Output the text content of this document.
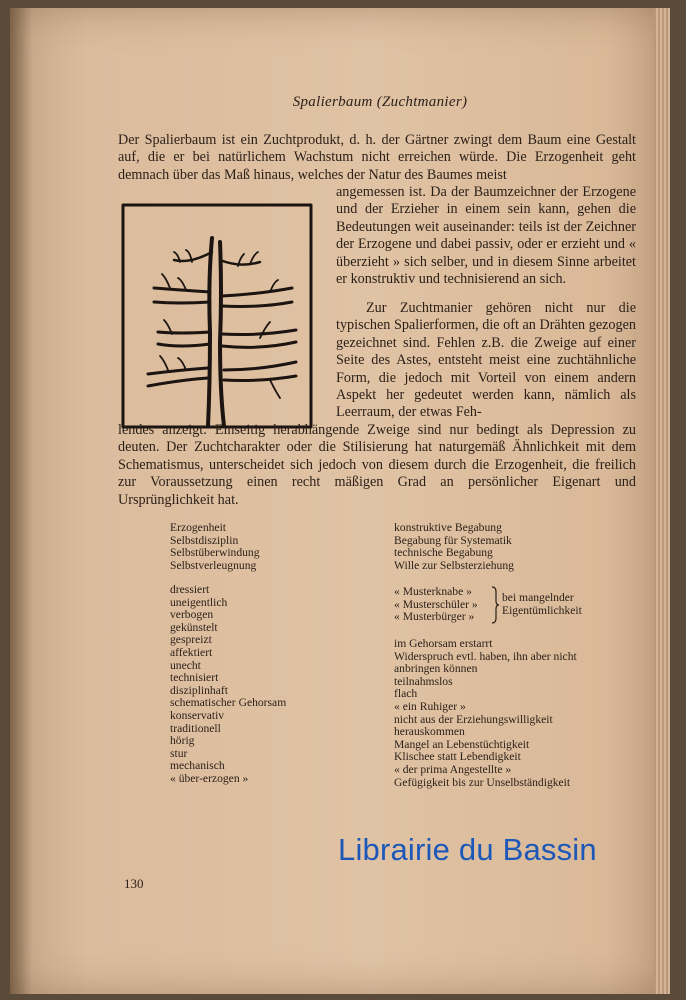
Spalierbaum (Zuchtmanier)
Der Spalierbaum ist ein Zuchtprodukt, d. h. der Gärtner zwingt dem Baum eine Gestalt auf, die er bei natürlichem Wachstum nicht erreichen würde. Die Erzogenheit geht demnach über das Maß hinaus, welches der Natur des Baumes meist
angemessen ist. Da der Baumzeichner der Erzogene und der Erzieher in einem sein kann, gehen die Bedeutungen weit auseinander: teils ist der Zeichner der Erzogene und dabei passiv, oder er erzieht und « überzieht » sich selber, und in diesem Sinne arbeitet er konstruktiv und technisierend an sich.
Zur Zuchtmanier gehören nicht nur die typischen Spalierformen, die oft an Drähten gezogen gezeichnet sind. Fehlen z.B. die Zweige auf einer Seite des Astes, entsteht meist eine zuchtähnliche Form, die jedoch mit Vorteil von einem andern Aspekt her gedeutet werden kann, nämlich als Leerraum, der etwas Feh-
lendes anzeigt. Einseitig herabhängende Zweige sind nur bedingt als Depression zu deuten. Der Zuchtcharakter oder die Stilisierung hat naturgemäß Ähnlichkeit mit dem Schematismus, unterscheidet sich jedoch von diesem durch die Erzogenheit, die freilich zur Voraussetzung einen recht mäßigen Grad an persönlicher Eigenart und Ursprünglichkeit hat.
Erzogenheit
Selbstdisziplin
Selbstüberwindung
Selbstverleugnung
dressiert
uneigentlich
verbogen
gekünstelt
gespreizt
affektiert
unecht
technisiert
disziplinhaft
schematischer Gehorsam
konservativ
traditionell
hörig
stur
mechanisch
« über-erzogen »
konstruktive Begabung
Begabung für Systematik
technische Begabung
Wille zur Selbsterziehung
« Musterknabe »
« Musterschüler »
« Musterbürger »
bei mangelnder
Eigentümlichkeit
im Gehorsam erstarrt
Widerspruch evtl. haben, ihn aber nicht
anbringen können
teilnahmslos
flach
« ein Ruhiger »
nicht aus der Erziehungswilligkeit
herauskommen
Mangel an Lebenstüchtigkeit
Klischee statt Lebendigkeit
« der prima Angestellte »
Gefügigkeit bis zur Unselbständigkeit
Librairie du Bassin
130
